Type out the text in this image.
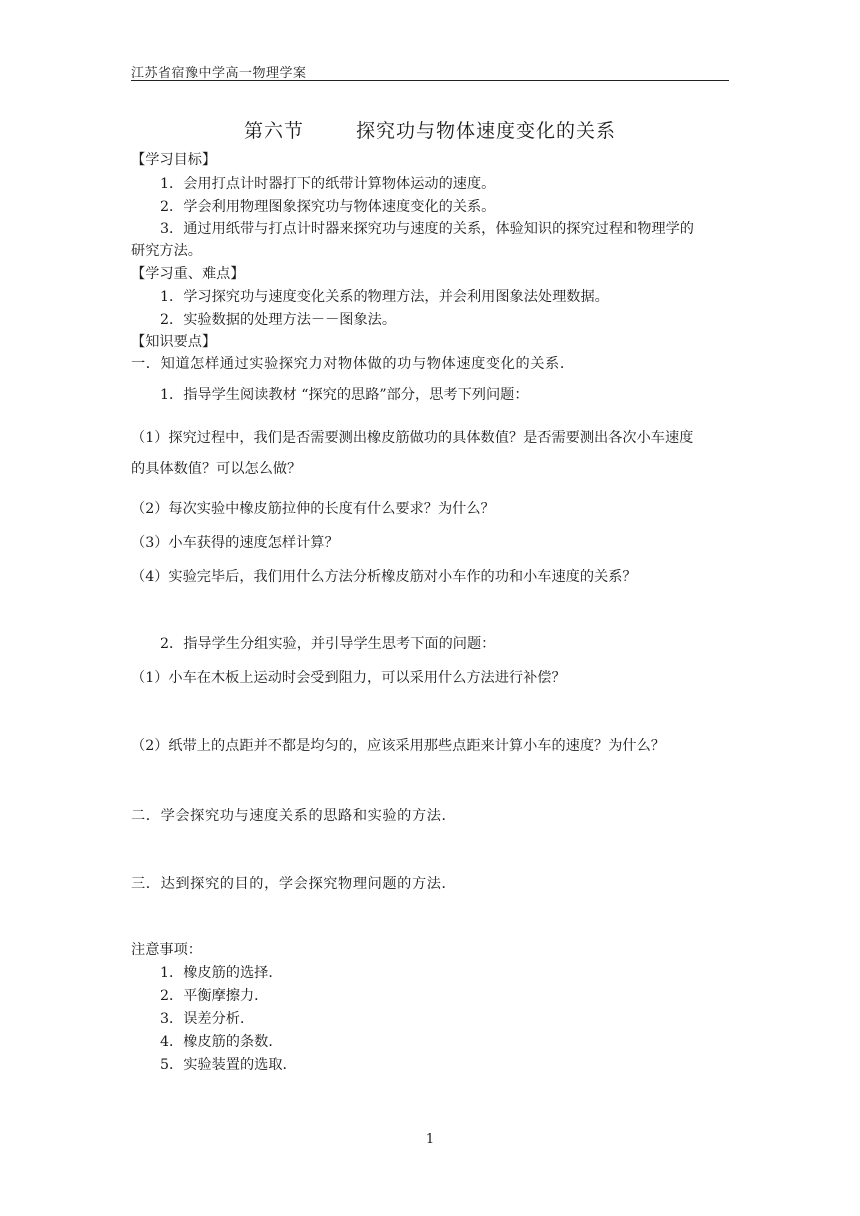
江苏省宿豫中学高一物理学案
第六节	探究功与物体速度变化的关系
【学习目标】
1．会用打点计时器打下的纸带计算物体运动的速度。
2．学会利用物理图象探究功与物体速度变化的关系。
3．通过用纸带与打点计时器来探究功与速度的关系，体验知识的探究过程和物理学的
研究方法。
【学习重、难点】
1．学习探究功与速度变化关系的物理方法，并会利用图象法处理数据。
2．实验数据的处理方法－－图象法。
【知识要点】
一．知道怎样通过实验探究力对物体做的功与物体速度变化的关系．
1．指导学生阅读教材 “探究的思路”部分，思考下列问题：
（1）探究过程中，我们是否需要测出橡皮筋做功的具体数值？是否需要测出各次小车速度
的具体数值？可以怎么做？
（2）每次实验中橡皮筋拉伸的长度有什么要求？为什么？
（3）小车获得的速度怎样计算？
（4）实验完毕后，我们用什么方法分析橡皮筋对小车作的功和小车速度的关系？
2．指导学生分组实验，并引导学生思考下面的问题：
（1）小车在木板上运动时会受到阻力，可以采用什么方法进行补偿？
（2）纸带上的点距并不都是均匀的，应该采用那些点距来计算小车的速度？为什么？
二．学会探究功与速度关系的思路和实验的方法．
三．达到探究的目的，学会探究物理问题的方法．
注意事项：
1．橡皮筋的选择．
2．平衡摩擦力．
3．误差分析．
4．橡皮筋的条数．
5．实验装置的选取．
1
